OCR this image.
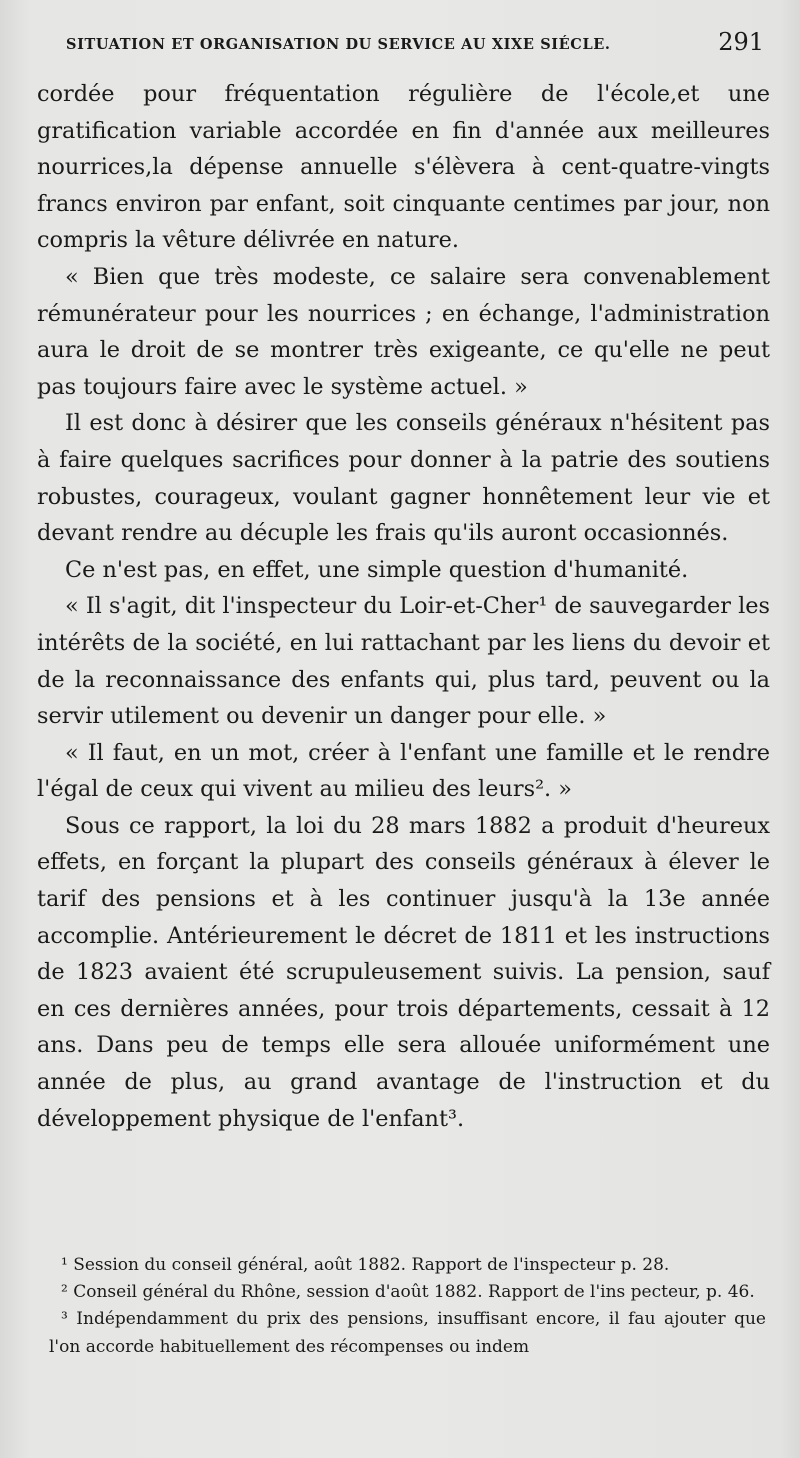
SITUATION ET ORGANISATION DU SERVICE AU XIXE SIÉCLE.	291

cordée pour fréquentation régulière de l'école,et une gratification variable accordée en fin d'année aux meilleures nourrices,la dépense annuelle s'élèvera à cent-quatre-vingts francs environ par enfant, soit cinquante centimes par jour, non compris la vêture délivrée en nature.

« Bien que très modeste, ce salaire sera convenablement rémunérateur pour les nourrices ; en échange, l'administration aura le droit de se montrer très exigeante, ce qu'elle ne peut pas toujours faire avec le système actuel. »

Il est donc à désirer que les conseils généraux n'hésitent pas à faire quelques sacrifices pour donner à la patrie des soutiens robustes, courageux, voulant gagner honnêtement leur vie et devant rendre au décuple les frais qu'ils auront occasionnés.

Ce n'est pas, en effet, une simple question d'humanité.

« Il s'agit, dit l'inspecteur du Loir-et-Cher¹ de sauvegarder les intérêts de la société, en lui rattachant par les liens du devoir et de la reconnaissance des enfants qui, plus tard, peuvent ou la servir utilement ou devenir un danger pour elle. »

« Il faut, en un mot, créer à l'enfant une famille et le rendre l'égal de ceux qui vivent au milieu des leurs². »

Sous ce rapport, la loi du 28 mars 1882 a produit d'heureux effets, en forçant la plupart des conseils généraux à élever le tarif des pensions et à les continuer jusqu'à la 13e année accomplie. Antérieurement le décret de 1811 et les instructions de 1823 avaient été scrupuleusement suivis. La pension, sauf en ces dernières années, pour trois départements, cessait à 12 ans. Dans peu de temps elle sera allouée uniformément une année de plus, au grand avantage de l'instruction et du développement physique de l'enfant³.

¹ Session du conseil général, août 1882. Rapport de l'inspecteur p. 28.

² Conseil général du Rhône, session d'août 1882. Rapport de l'ins pecteur, p. 46.

³ Indépendamment du prix des pensions, insuffisant encore, il fau ajouter que l'on accorde habituellement des récompenses ou indem
